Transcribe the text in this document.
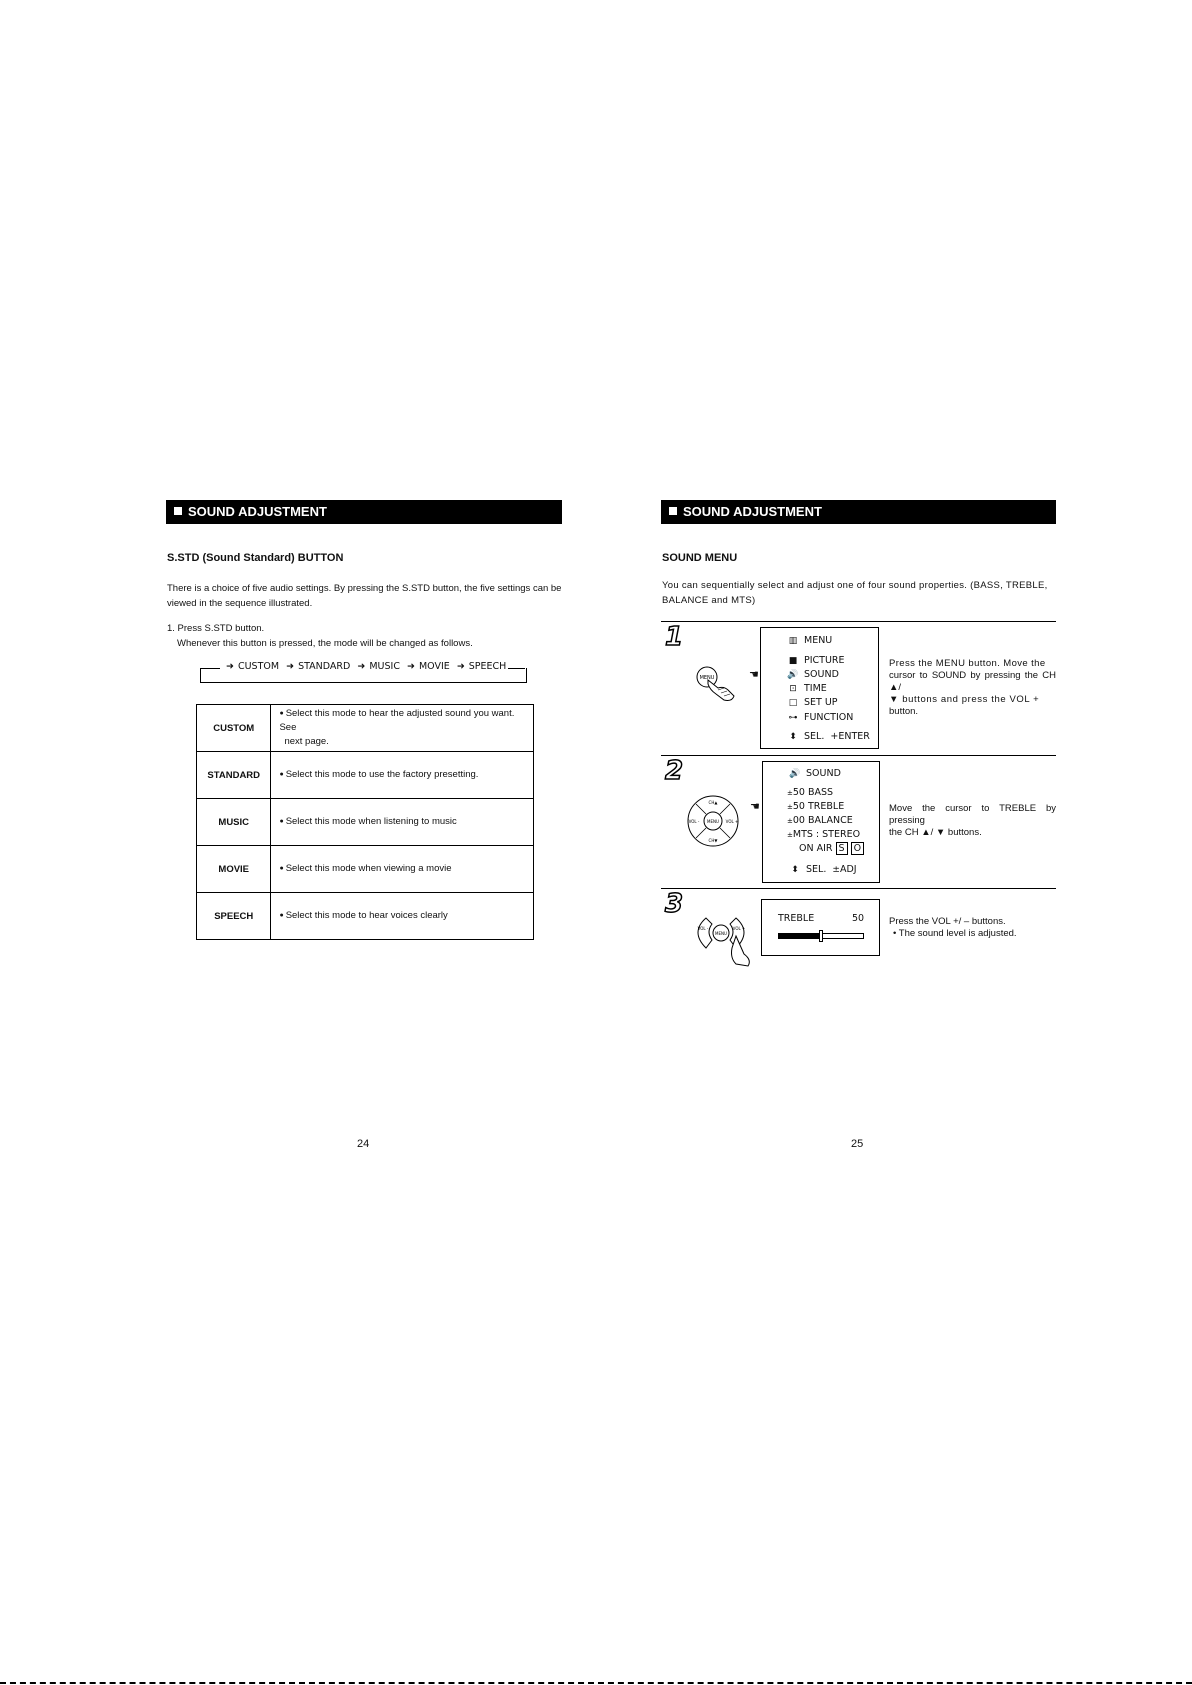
SOUND ADJUSTMENT
S.STD (Sound Standard) BUTTON
There is a choice of five audio settings. By pressing the S.STD button, the five settings can be
viewed in the sequence illustrated.
1. Press S.STD button.
Whenever this button is pressed, the mode will be changed as follows.
➜ CUSTOM ➜ STANDARD ➜ MUSIC ➜ MOVIE ➜ SPEECH
CUSTOM	● Select this mode to hear the adjusted sound you want. See
next page.
STANDARD	● Select this mode to use the factory presetting.
MUSIC	● Select this mode when listening to music
MOVIE	● Select this mode when viewing a movie
SPEECH	● Select this mode to hear voices clearly
24
SOUND ADJUSTMENT
SOUND MENU
You can sequentially select and adjust one of four sound properties. (BASS, TREBLE,
BALANCE and MTS)
1
MENU
▥ MENU
■ PICTURE
🔊 SOUND
⊡ TIME
□ SET UP
⊶ FUNCTION
⬍ SEL. +ENTER
☚
Press the MENU button. Move the
cursor to SOUND by pressing the CH ▲/
▼ buttons and press the VOL +
button.
2
MENU
CH▲
CH▼
VOL -	VOL +
🔊 SOUND
±50 BASS
±50 TREBLE
±00 BALANCE
±MTS : STEREO
ON AIR S O
⬍ SEL. ±ADJ
☚	Move the cursor to TREBLE by pressing
the CH ▲/ ▼ buttons.
3
MENU
VOL -	VOL +
TREBLE	50	Press the VOL +/ – buttons.
• The sound level is adjusted.
25
